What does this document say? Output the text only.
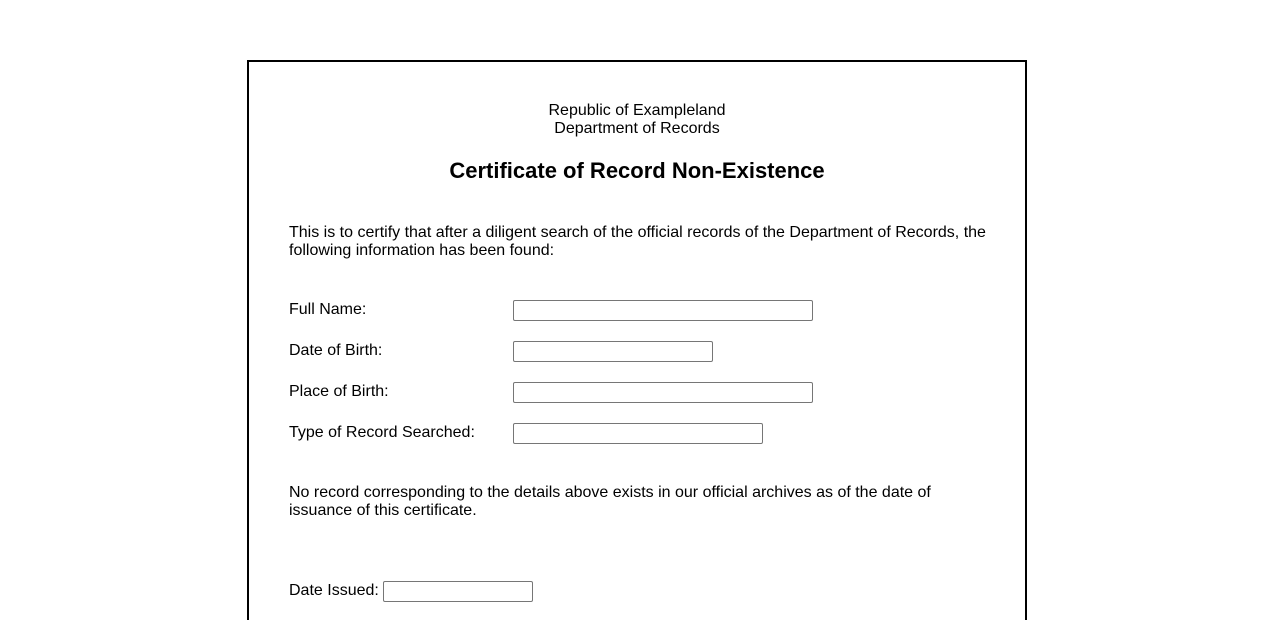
Republic of Exampleland
Department of Records
Certificate of Record Non-Existence
This is to certify that after a diligent search of the official records of the Department of Records, the following information has been found:
Full Name:
Date of Birth:
Place of Birth:
Type of Record Searched:
No record corresponding to the details above exists in our official archives as of the date of issuance of this certificate.
Date Issued:
